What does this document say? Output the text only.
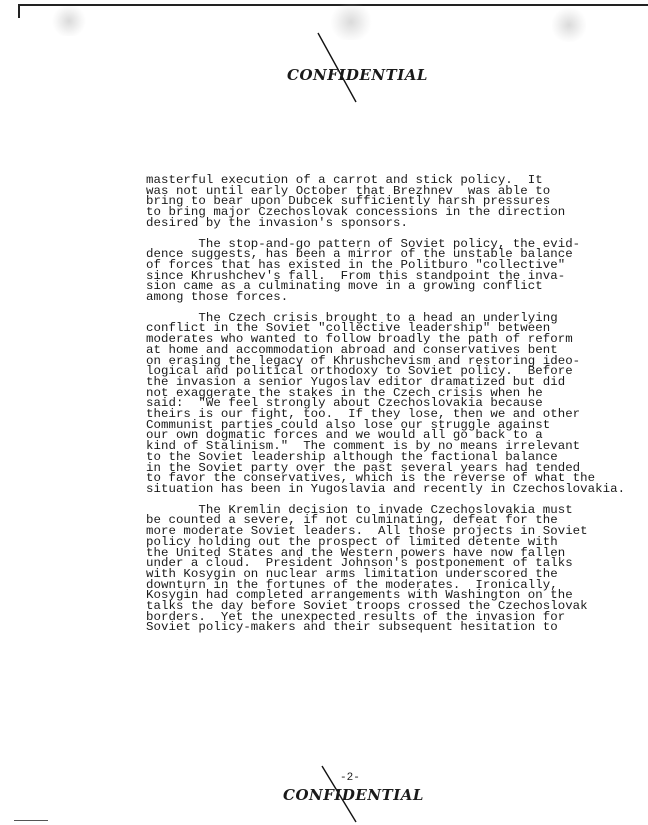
CONFIDENTIAL
masterful execution of a carrot and stick policy.  It
was not until early October that Brezhnev  was able to
bring to bear upon Dubcek sufficiently harsh pressures
to bring major Czechoslovak concessions in the direction
desired by the invasion's sponsors.
The stop-and-go pattern of Soviet policy, the evid-
dence suggests, has been a mirror of the unstable balance
of forces that has existed in the Politburo "collective"
since Khrushchev's fall.  From this standpoint the inva-
sion came as a culminating move in a growing conflict
among those forces.
The Czech crisis brought to a head an underlying
conflict in the Soviet "collective leadership" between
moderates who wanted to follow broadly the path of reform
at home and accommodation abroad and conservatives bent
on erasing the legacy of Khrushchevism and restoring ideo-
logical and political orthodoxy to Soviet policy.  Before
the invasion a senior Yugoslav editor dramatized but did
not exaggerate the stakes in the Czech crisis when he
said:  "We feel strongly about Czechoslovakia because
theirs is our fight, too.  If they lose, then we and other
Communist parties could also lose our struggle against
our own dogmatic forces and we would all go back to a
kind of Stalinism."  The comment is by no means irrelevant
to the Soviet leadership although the factional balance
in the Soviet party over the past several years had tended
to favor the conservatives, which is the reverse of what the
situation has been in Yugoslavia and recently in Czechoslovakia.
The Kremlin decision to invade Czechoslovakia must
be counted a severe, if not culminating, defeat for the
more moderate Soviet leaders.  All those projects in Soviet
policy holding out the prospect of limited detente with
the United States and the Western powers have now fallen
under a cloud.  President Johnson's postponement of talks
with Kosygin on nuclear arms limitation underscored the
downturn in the fortunes of the moderates.  Ironically,
Kosygin had completed arrangements with Washington on the
talks the day before Soviet troops crossed the Czechoslovak
borders.  Yet the unexpected results of the invasion for
Soviet policy-makers and their subsequent hesitation to
-2-
CONFIDENTIAL
